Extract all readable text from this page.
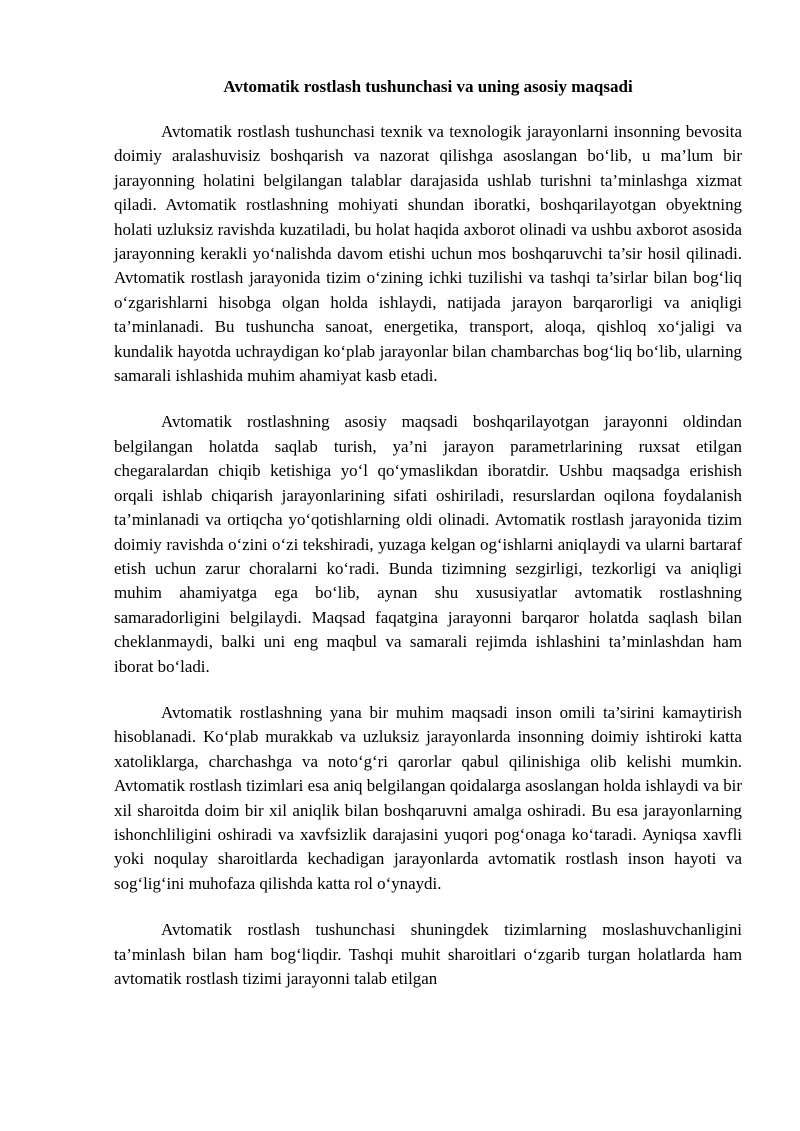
Avtomatik rostlash tushunchasi va uning asosiy maqsadi

Avtomatik rostlash tushunchasi texnik va texnologik jarayonlarni insonning bevosita doimiy aralashuvisiz boshqarish va nazorat qilishga asoslangan bo‘lib, u ma’lum bir jarayonning holatini belgilangan talablar darajasida ushlab turishni ta’minlashga xizmat qiladi. Avtomatik rostlashning mohiyati shundan iboratki, boshqarilayotgan obyektning holati uzluksiz ravishda kuzatiladi, bu holat haqida axborot olinadi va ushbu axborot asosida jarayonning kerakli yo‘nalishda davom etishi uchun mos boshqaruvchi ta’sir hosil qilinadi. Avtomatik rostlash jarayonida tizim o‘zining ichki tuzilishi va tashqi ta’sirlar bilan bog‘liq o‘zgarishlarni hisobga olgan holda ishlaydi, natijada jarayon barqarorligi va aniqligi ta’minlanadi. Bu tushuncha sanoat, energetika, transport, aloqa, qishloq xo‘jaligi va kundalik hayotda uchraydigan ko‘plab jarayonlar bilan chambarchas bog‘liq bo‘lib, ularning samarali ishlashida muhim ahamiyat kasb etadi.

Avtomatik rostlashning asosiy maqsadi boshqarilayotgan jarayonni oldindan belgilangan holatda saqlab turish, ya’ni jarayon parametrlarining ruxsat etilgan chegaralardan chiqib ketishiga yo‘l qo‘ymaslikdan iboratdir. Ushbu maqsadga erishish orqali ishlab chiqarish jarayonlarining sifati oshiriladi, resurslardan oqilona foydalanish ta’minlanadi va ortiqcha yo‘qotishlarning oldi olinadi. Avtomatik rostlash jarayonida tizim doimiy ravishda o‘zini o‘zi tekshiradi, yuzaga kelgan og‘ishlarni aniqlaydi va ularni bartaraf etish uchun zarur choralarni ko‘radi. Bunda tizimning sezgirligi, tezkorligi va aniqligi muhim ahamiyatga ega bo‘lib, aynan shu xususiyatlar avtomatik rostlashning samaradorligini belgilaydi. Maqsad faqatgina jarayonni barqaror holatda saqlash bilan cheklanmaydi, balki uni eng maqbul va samarali rejimda ishlashini ta’minlashdan ham iborat bo‘ladi.

Avtomatik rostlashning yana bir muhim maqsadi inson omili ta’sirini kamaytirish hisoblanadi. Ko‘plab murakkab va uzluksiz jarayonlarda insonning doimiy ishtiroki katta xatoliklarga, charchashga va noto‘g‘ri qarorlar qabul qilinishiga olib kelishi mumkin. Avtomatik rostlash tizimlari esa aniq belgilangan qoidalarga asoslangan holda ishlaydi va bir xil sharoitda doim bir xil aniqlik bilan boshqaruvni amalga oshiradi. Bu esa jarayonlarning ishonchliligini oshiradi va xavfsizlik darajasini yuqori pog‘onaga ko‘taradi. Ayniqsa xavfli yoki noqulay sharoitlarda kechadigan jarayonlarda avtomatik rostlash inson hayoti va sog‘lig‘ini muhofaza qilishda katta rol o‘ynaydi.

Avtomatik rostlash tushunchasi shuningdek tizimlarning moslashuvchanligini ta’minlash bilan ham bog‘liqdir. Tashqi muhit sharoitlari o‘zgarib turgan holatlarda ham avtomatik rostlash tizimi jarayonni talab etilgan
